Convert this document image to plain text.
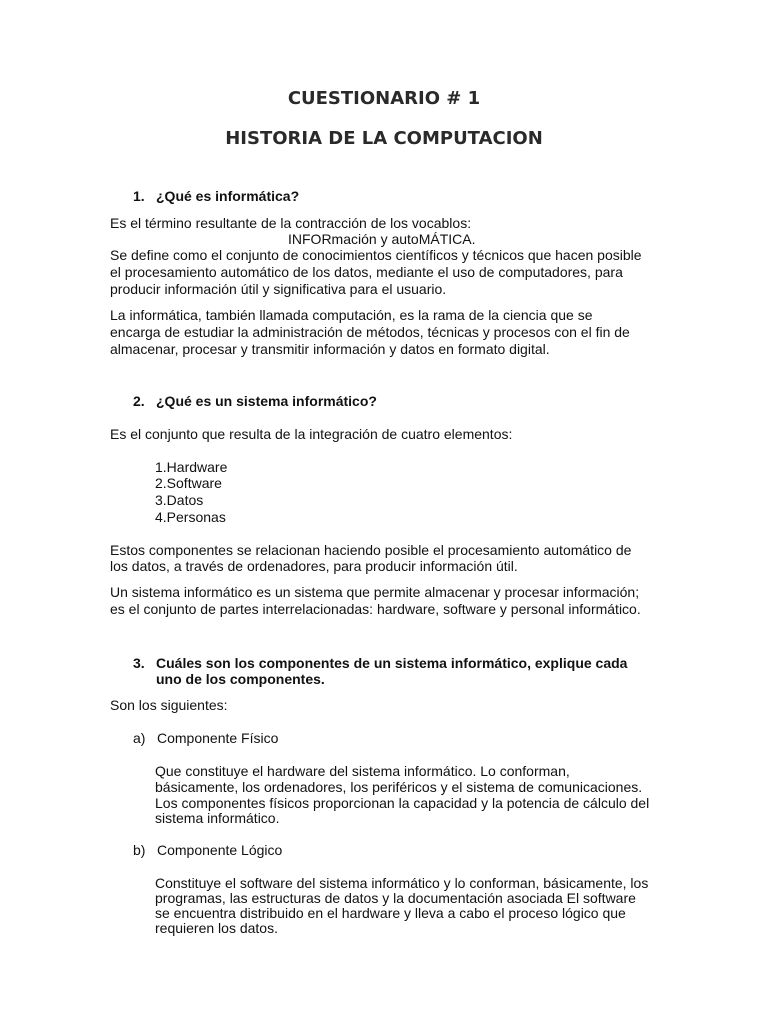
CUESTIONARIO # 1
HISTORIA DE LA COMPUTACION
1. ¿Qué es informática?
Es el término resultante de la contracción de los vocablos:
INFORmación y autoMÁTICA.
Se define como el conjunto de conocimientos científicos y técnicos que hacen posible
el procesamiento automático de los datos, mediante el uso de computadores, para
producir información útil y significativa para el usuario.
La informática, también llamada computación, es la rama de la ciencia que se
encarga de estudiar la administración de métodos, técnicas y procesos con el fin de
almacenar, procesar y transmitir información y datos en formato digital.
2. ¿Qué es un sistema informático?
Es el conjunto que resulta de la integración de cuatro elementos:
1.Hardware
2.Software
3.Datos
4.Personas
Estos componentes se relacionan haciendo posible el procesamiento automático de
los datos, a través de ordenadores, para producir información útil.
Un sistema informático es un sistema que permite almacenar y procesar información;
es el conjunto de partes interrelacionadas: hardware, software y personal informático.
3. Cuáles son los componentes de un sistema informático, explique cada
uno de los componentes.
Son los siguientes:
a) Componente Físico
Que constituye el hardware del sistema informático. Lo conforman,
básicamente, los ordenadores, los periféricos y el sistema de comunicaciones.
Los componentes físicos proporcionan la capacidad y la potencia de cálculo del
sistema informático.
b) Componente Lógico
Constituye el software del sistema informático y lo conforman, básicamente, los
programas, las estructuras de datos y la documentación asociada El software
se encuentra distribuido en el hardware y lleva a cabo el proceso lógico que
requieren los datos.
